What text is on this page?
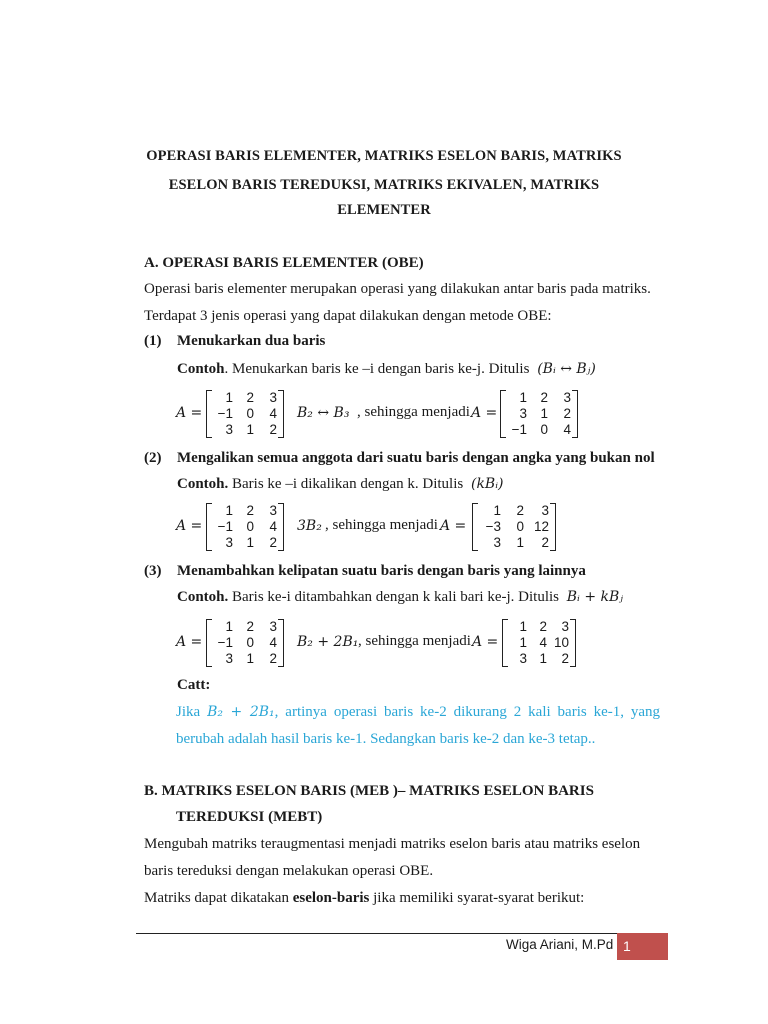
OPERASI BARIS ELEMENTER, MATRIKS ESELON BARIS, MATRIKS
ESELON BARIS TEREDUKSI, MATRIKS EKIVALEN, MATRIKS
ELEMENTER
A. OPERASI BARIS ELEMENTER (OBE)
Operasi baris elementer merupakan operasi yang dilakukan antar baris pada matriks.
Terdapat 3 jenis operasi yang dapat dilakukan dengan metode OBE:
(1) Menukarkan dua baris
Contoh. Menukarkan baris ke –i dengan baris ke-j. Ditulis (Bᵢ ↔ Bⱼ)
A =
1 2	3
−1 0	4
3 1	2
B₂ ↔ B₃ , sehingga menjadi A =
1 2	3
3 1	2
−1 0	4
(2) Mengalikan semua anggota dari suatu baris dengan angka yang bukan nol
Contoh. Baris ke –i dikalikan dengan k. Ditulis (kBᵢ)
A =
1 2	3
−1 0	4
3 1	2
3B₂ , sehingga menjadi A =
1	2	3
−3	0 12
3	1	2
(3) Menambahkan kelipatan suatu baris dengan baris yang lainnya
Contoh. Baris ke-i ditambahkan dengan k kali bari ke-j. Ditulis Bᵢ + kBⱼ
A =
1 2	3
−1 0	4
3 1	2
B₂ + 2B₁ , sehingga menjadi A =
1 2	3
1 4 10
3 1	2
Catt:
Jika B₂ + 2B₁, artinya operasi baris ke-2 dikurang 2 kali baris ke-1, yang
berubah adalah hasil baris ke-1. Sedangkan baris ke-2 dan ke-3 tetap..
B. MATRIKS ESELON BARIS (MEB )– MATRIKS ESELON BARIS
TEREDUKSI (MEBT)
Mengubah matriks teraugmentasi menjadi matriks eselon baris atau matriks eselon
baris tereduksi dengan melakukan operasi OBE.
Matriks dapat dikatakan eselon-baris jika memiliki syarat-syarat berikut:
Wiga Ariani, M.Pd 1
